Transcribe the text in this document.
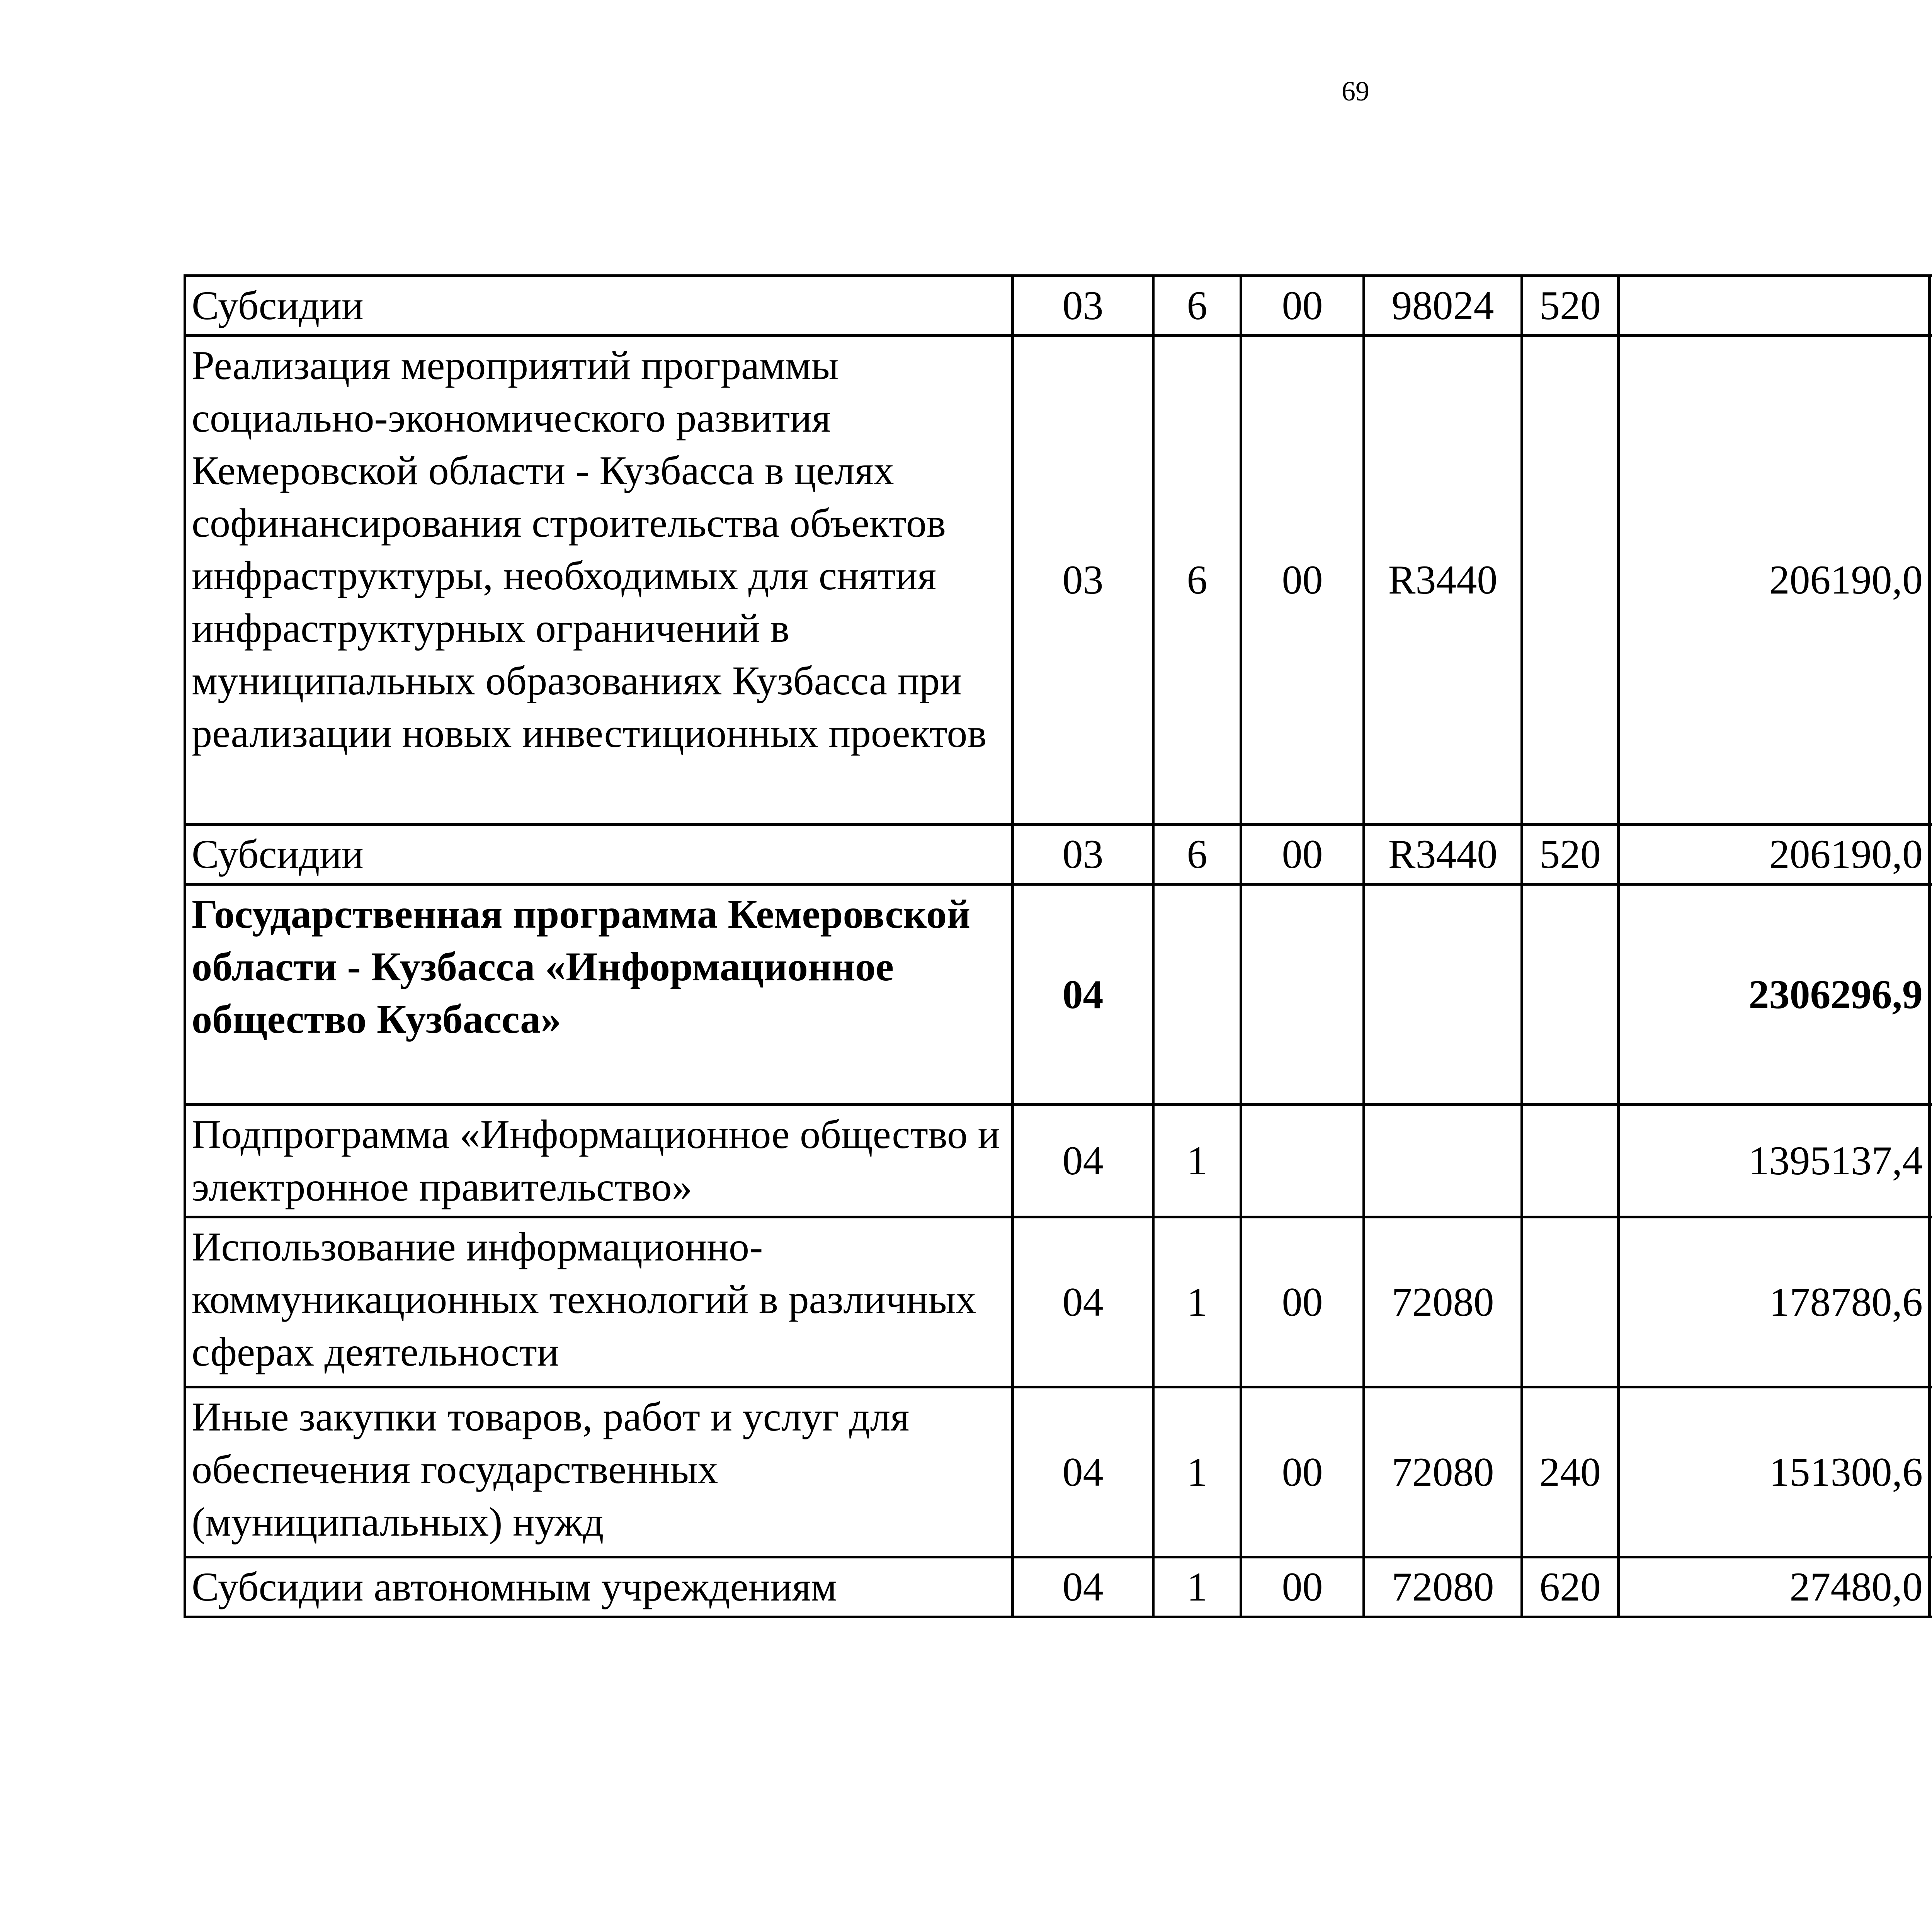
69
Субсидии	03	6	00	98024	520			
Реализация мероприятий программы социально-экономического развития Кемеровской области - Кузбасса в целях софинансирования строительства объектов инфраструктуры, необходимых для снятия инфраструктурных ограничений в муниципальных образованиях Кузбасса при реализации новых инвестиционных проектов	03	6	00	R3440		206190,0		
Субсидии	03	6	00	R3440	520	206190,0		
Государственная программа Кемеровской области - Кузбасса «Информационное общество Кузбасса»	04					2306296,9		
Подпрограмма «Информационное общество и электронное правительство»	04	1				1395137,4		
Использование информационно-коммуникационных технологий в различных сферах деятельности	04	1	00	72080		178780,6		
Иные закупки товаров, работ и услуг для обеспечения государственных (муниципальных) нужд	04	1	00	72080	240	151300,6		
Субсидии автономным учреждениям	04	1	00	72080	620	27480,0		
